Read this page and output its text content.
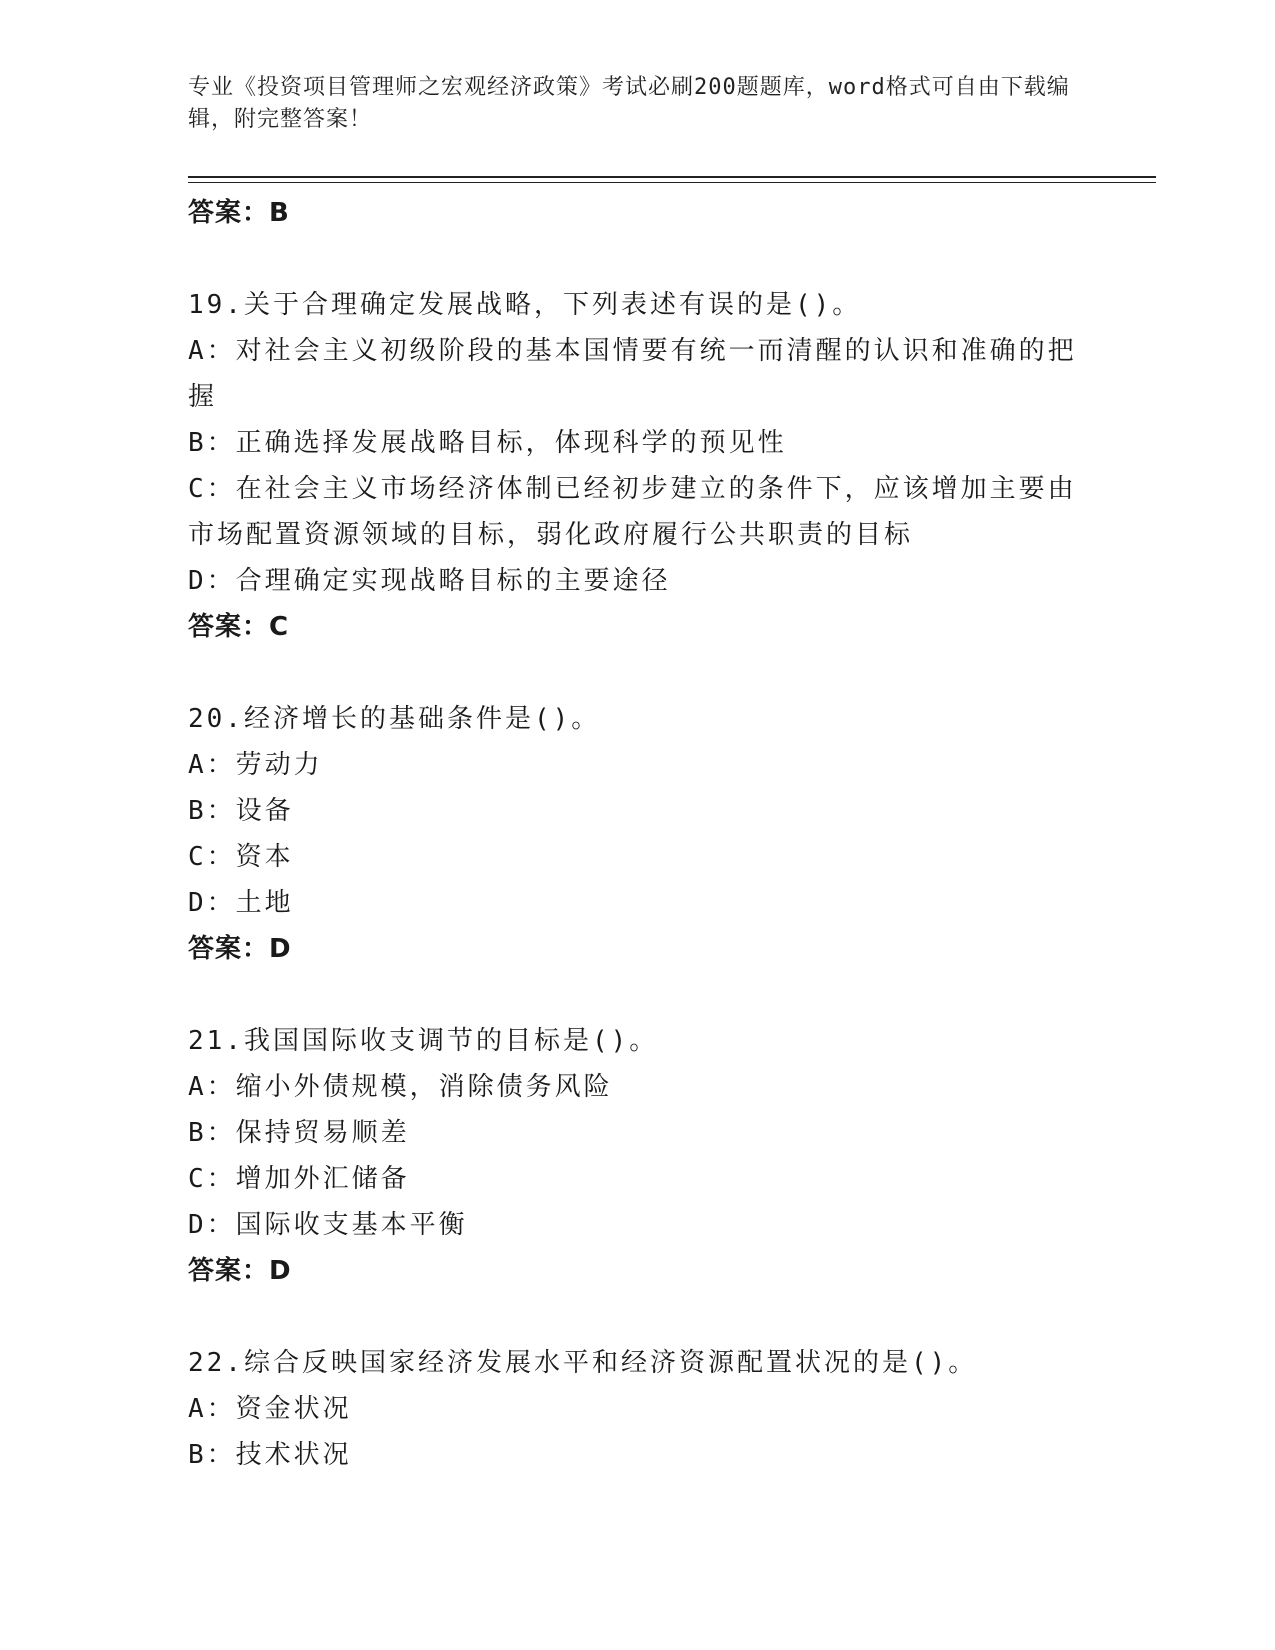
专业《投资项目管理师之宏观经济政策》考试必刷200题题库，word格式可自由下载编辑，附完整答案！
答案：B
19.关于合理确定发展战略，下列表述有误的是()。
A：对社会主义初级阶段的基本国情要有统一而清醒的认识和准确的把握
B：正确选择发展战略目标，体现科学的预见性
C：在社会主义市场经济体制已经初步建立的条件下，应该增加主要由市场配置资源领域的目标，弱化政府履行公共职责的目标
D：合理确定实现战略目标的主要途径
答案：C
20.经济增长的基础条件是()。
A：劳动力
B：设备
C：资本
D：土地
答案：D
21.我国国际收支调节的目标是()。
A：缩小外债规模，消除债务风险
B：保持贸易顺差
C：增加外汇储备
D：国际收支基本平衡
答案：D
22.综合反映国家经济发展水平和经济资源配置状况的是()。
A：资金状况
B：技术状况
